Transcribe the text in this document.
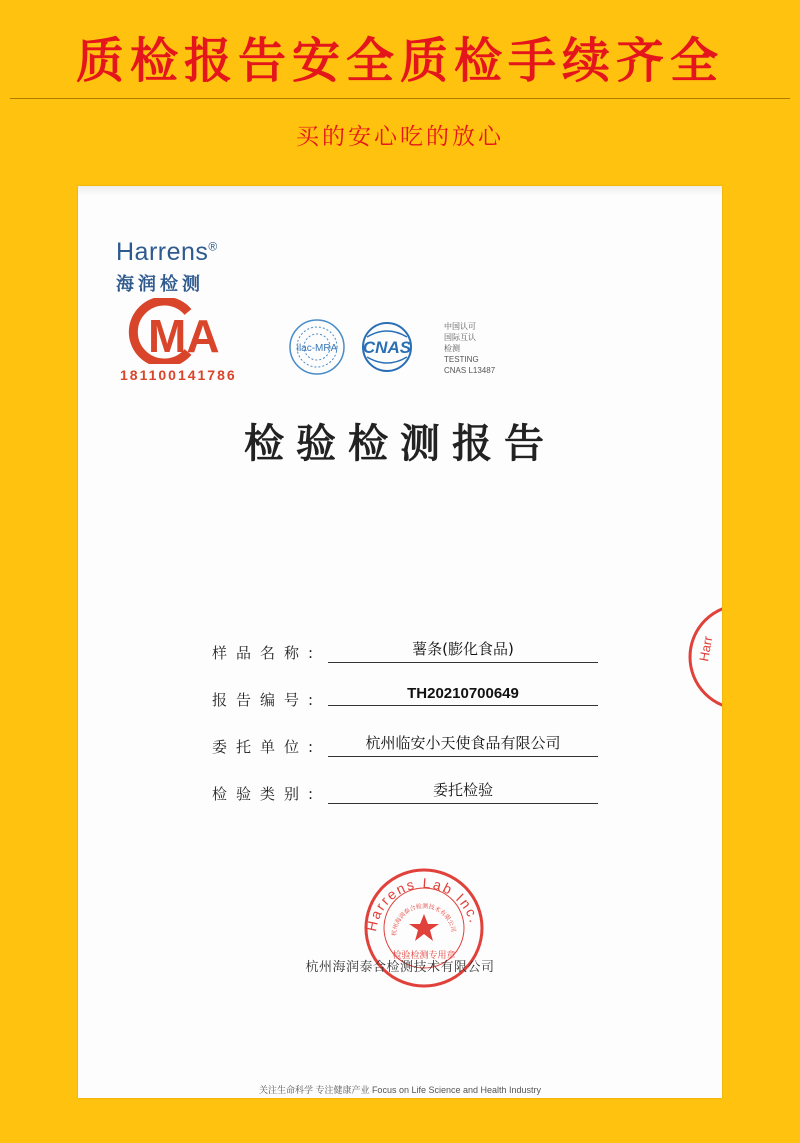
质检报告安全质检手续齐全
买的安心吃的放心
Harrens®
海润检测
MA
181100141786
ilac-MRA CNAS
中国认可
国际互认
检测
TESTING
CNAS L13487
检验检测报告
Harr
样品名称:	薯条(膨化食品)
报告编号:	TH20210700649
委托单位:	杭州临安小天使食品有限公司
检验类别:	委托检验
Harrens Lab Inc.
杭州海润泰合检测技术有限公司
检验检测专用章
杭州海润泰合检测技术有限公司
关注生命科学 专注健康产业 Focus on Life Science and Health Industry
